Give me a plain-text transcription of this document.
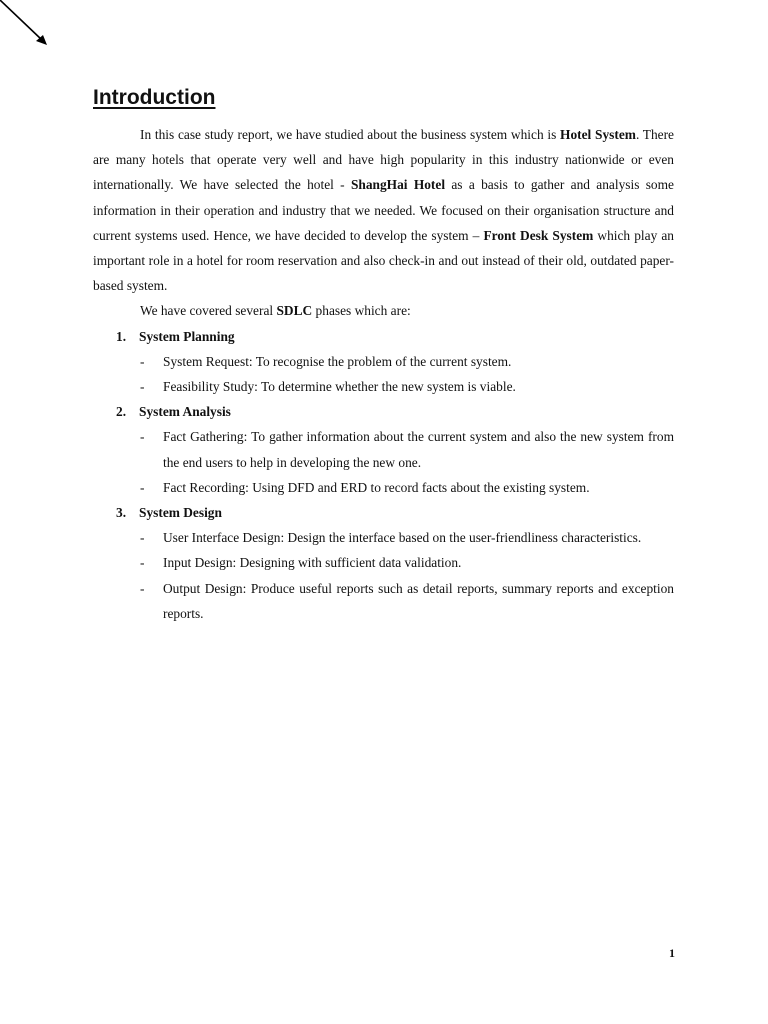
Introduction

In this case study report, we have studied about the business system which is Hotel System. There are many hotels that operate very well and have high popularity in this industry nationwide or even internationally. We have selected the hotel - ShangHai Hotel as a basis to gather and analysis some information in their operation and industry that we needed. We focused on their organisation structure and current systems used. Hence, we have decided to develop the system – Front Desk System which play an important role in a hotel for room reservation and also check-in and out instead of their old, outdated paper-based system.

We have covered several SDLC phases which are:

1. System Planning
- System Request: To recognise the problem of the current system.
- Feasibility Study: To determine whether the new system is viable.
2. System Analysis
- Fact Gathering: To gather information about the current system and also the new system from the end users to help in developing the new one.
- Fact Recording: Using DFD and ERD to record facts about the existing system.
3. System Design
- User Interface Design: Design the interface based on the user-friendliness characteristics.
- Input Design: Designing with sufficient data validation.
- Output Design: Produce useful reports such as detail reports, summary reports and exception reports.
1
